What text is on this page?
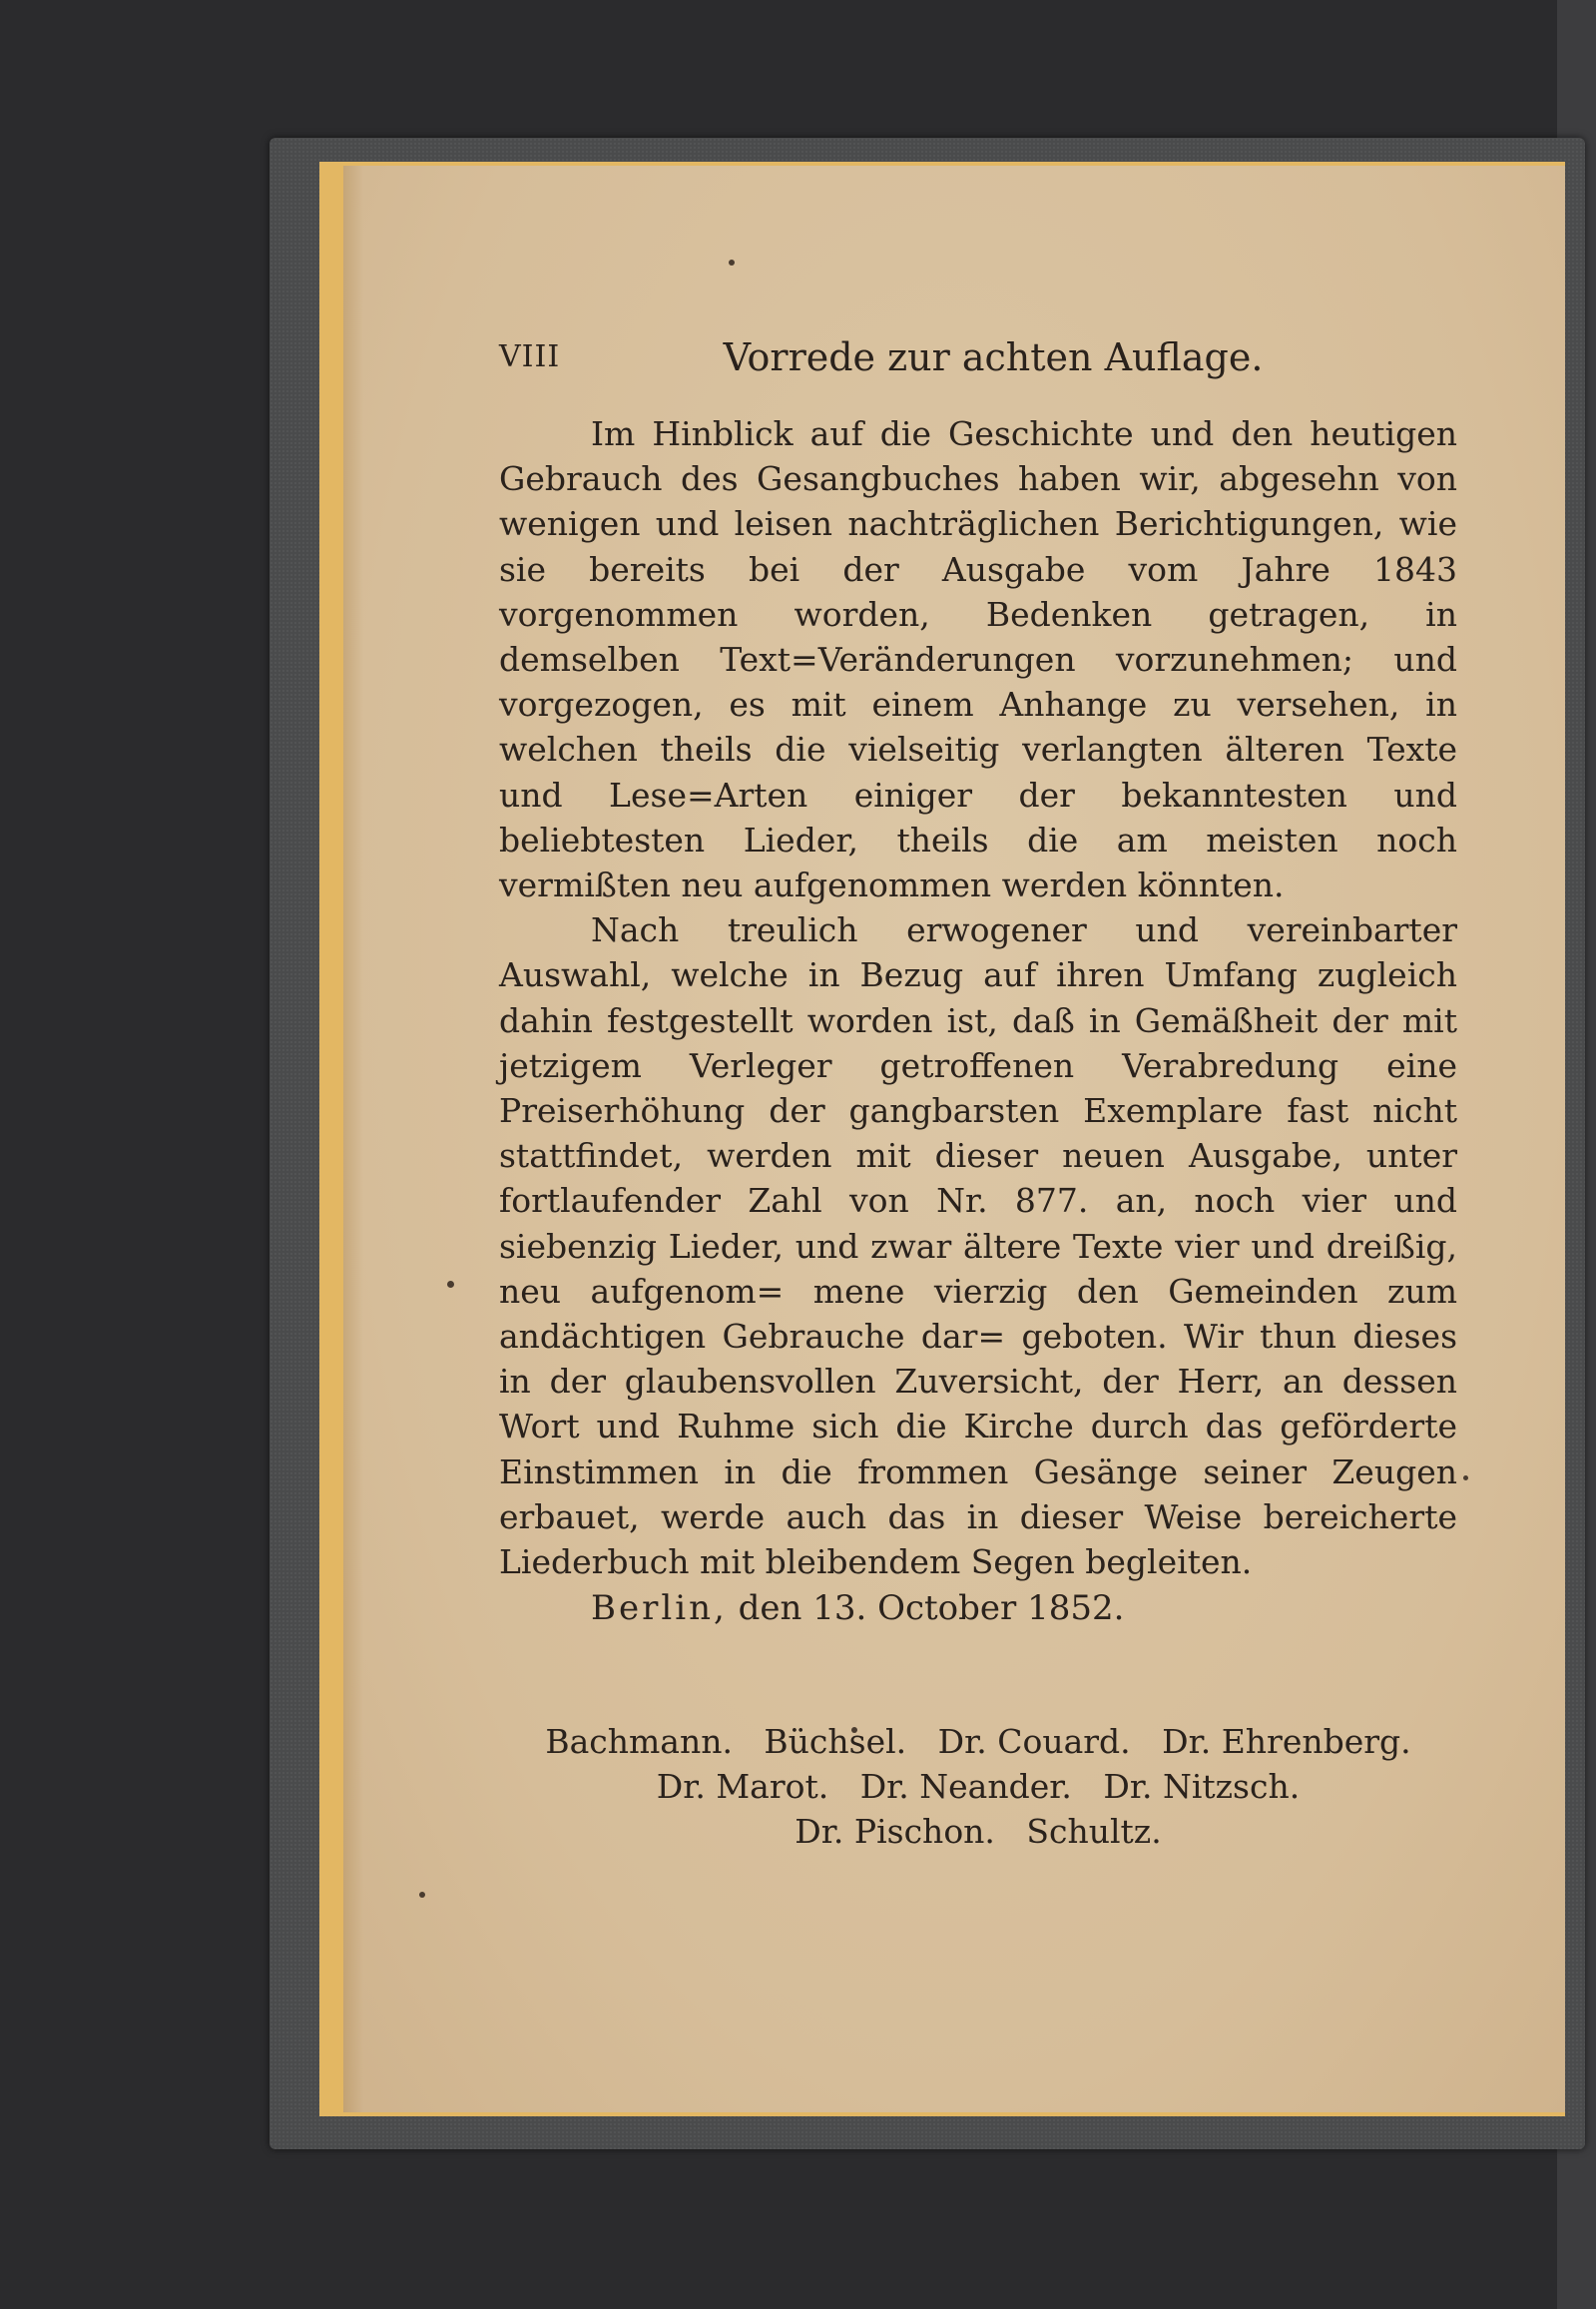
VIII	Vorrede zur achten Auflage.

Im Hinblick auf die Geschichte und den heutigen Gebrauch des Gesangbuches haben wir, abgesehn von wenigen und leisen nachträglichen Berichtigungen, wie sie bereits bei der Ausgabe vom Jahre 1843 vorgenommen worden, Bedenken getragen, in demselben Text=Veränderungen vorzunehmen; und vorgezogen, es mit einem Anhange zu versehen, in welchen theils die vielseitig verlangten älteren Texte und Lese=Arten einiger der bekanntesten und beliebtesten Lieder, theils die am meisten noch vermißten neu aufgenommen werden könnten.

Nach treulich erwogener und vereinbarter Auswahl, welche in Bezug auf ihren Umfang zugleich dahin festgestellt worden ist, daß in Gemäßheit der mit jetzigem Verleger getroffenen Verabredung eine Preiserhöhung der gangbarsten Exemplare fast nicht stattfindet, werden mit dieser neuen Ausgabe, unter fortlaufender Zahl von Nr. 877. an, noch vier und siebenzig Lieder, und zwar ältere Texte vier und dreißig, neu aufgenom= mene vierzig den Gemeinden zum andächtigen Gebrauche dar= geboten. Wir thun dieses in der glaubensvollen Zuversicht, der Herr, an dessen Wort und Ruhme sich die Kirche durch das geförderte Einstimmen in die frommen Gesänge seiner Zeugen erbauet, werde auch das in dieser Weise bereicherte Liederbuch mit bleibendem Segen begleiten.

Berlin, den 13. October 1852.
Bachmann.   Büchsel.   Dr. Couard.   Dr. Ehrenberg.
Dr. Marot.   Dr. Neander.   Dr. Nitzsch.
Dr. Pischon.   Schultz.
